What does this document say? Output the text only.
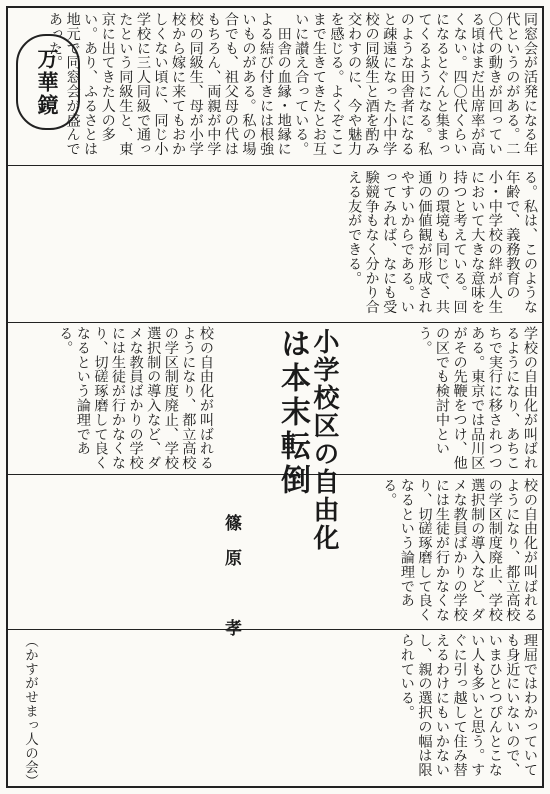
万華鏡	同窓会が活発になる年代というのがある。二〇代の動きが回っている頃はまだ出席率が高くない。四〇代くらいになるとぐんと集まってくるようになる。私のような田舎者になると疎遠になった小中学校の同級生と酒を酌み交わすのに、今や魅力を感じる。よくぞここまで生きてきたとお互いに讃え合っている。
　田舎の血縁・地縁による結び付きには根強いものがある。私の場合でも、祖父母の代はもちろん、両親が中学校の同級生、母が小学校から嫁に来てもおかしくない頃に、同じ小学校に三人同級で通ったという同級生と、東京に出てきた人の多い。あり、ふるさとは地元で同窓会が盛んであった。
る。私は、このような年齢で、義務教育の小・中学校の絆が人生において大きな意味を持つと考えている。回りの環境も同じで、共通の価値観が形成されやすいからである。いってみれば、なにも受験競争もなく分かり合える友ができる。
小学校区の自由化
は本末転倒
篠原　孝
学校の自由化が叫ばれるようになり、あちこちで実行に移されつつある。東京では品川区がその先鞭をつけ、他の区でも検討中という。
校の自由化が叫ばれるようになり、都立高校の学区制度廃止、学校選択制の導入など、ダメな教員ばかりの学校には生徒が行かなくなり、切磋琢磨して良くなるという論理である。
校の自由化が叫ばれるようになり、都立高校の学区制度廃止、学校選択制の導入など、ダメな教員ばかりの学校には生徒が行かなくなり、切磋琢磨して良くなるという論理である。
理屈ではわかっていても身近にいないので、いまひとつぴんとこない人も多いと思う。すぐに引っ越して住み替えるわけにもいかないし、親の選択の幅は限られている。
（かすがせまっ人の会）
